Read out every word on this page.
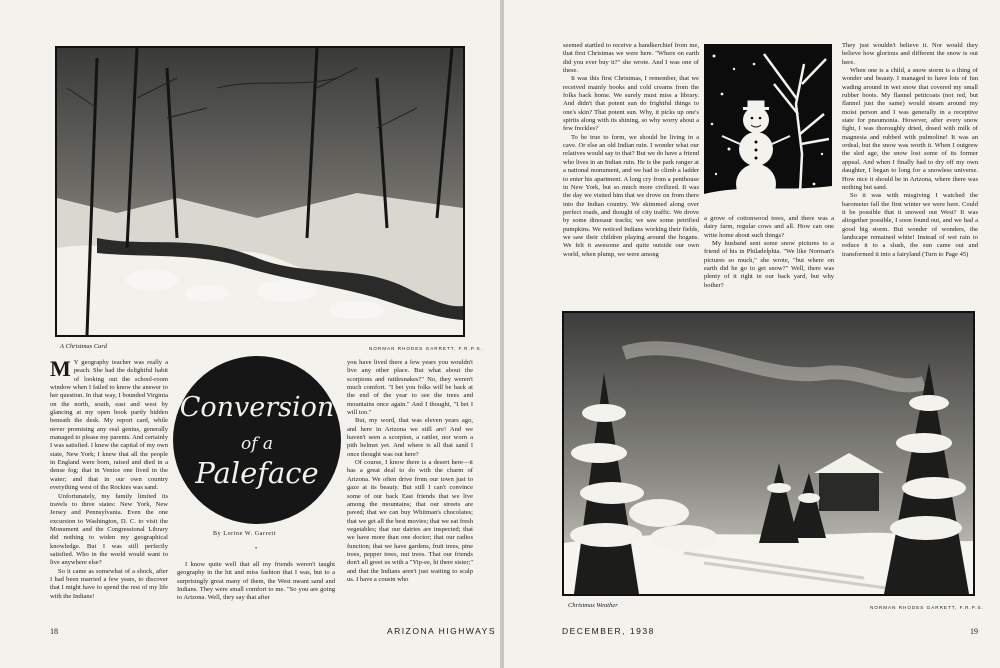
A Christmas Card	NORMAN RHODES GARRETT, F.R.P.S.
M Y geography teacher was really a peach. She had the delightful habit of looking out the school-room window when I failed to know the answer to her question. In that way, I bounded Virginia on the north, south, east and west by glancing at my open book partly hidden beneath the desk. My report card, while never promising any real genius, generally managed to please my parents. And certainly I was satisfied. I knew the capital of my own state, New York; I knew that all the people in England were born, raised and died in a dense fog; that in Venice one lived in the water; and that in our own country everything west of the Rockies was sand.

Unfortunately, my family limited its travels to three states: New York, New Jersey and Pennsylvania. Even the one excursion to Washington, D. C. to visit the Monument and the Congressional Library did nothing to widen my geographical knowledge. But I was still perfectly satisfied. Who in the world would want to live anywhere else?

So it came as somewhat of a shock, after I had been married a few years, to discover that I might have to spend the rest of my life with the Indians!

Conversion
of a
Paleface
By Lorine W. Garrett
•

I know quite well that all my friends weren't taught geography in the hit and miss fashion that I was, but to a surprisingly great many of them, the West meant sand and Indians. They were small comfort to me. "So you are going to Arizona. Well, they say that after

you have lived there a few years you wouldn't live any other place. But what about the scorpions and rattlesnakes?" No, they weren't much comfort. "I bet you folks will be back at the end of the year to see the trees and mountains once again." And I thought, "I bet I will too."

But, my word, that was eleven years ago, and here in Arizona we still are! And we haven't seen a scorpion, a rattler, nor worn a pith helmet yet. And where is all that sand I once thought was out here?

Of course, I know there is a desert here—it has a great deal to do with the charm of Arizona. We often drive from our town just to gaze at its beauty. But still I can't convince some of our back East friends that we live among the mountains; that our streets are paved; that we can buy Whitman's chocolates; that we get all the best movies; that we eat fresh vegetables; that our dairies are inspected; that we have more than one doctor; that our radios function; that we have gardens, fruit trees, pine trees, pepper trees, nut trees. That our friends don't all greet us with a "Yip-ee, hi there sister;" and that the Indians aren't just waiting to scalp us. I have a cousin who

18	ARIZONA HIGHWAYS

seemed startled to receive a handkerchief from me, that first Christmas we were here. "Where on earth did you ever buy it?" she wrote. And I was one of these.

It was this first Christmas, I remember, that we received mainly books and cold creams from the folks back home. We surely must miss a library. And didn't that potent sun do frightful things to one's skin? That potent sun. Why, it picks up one's spirits along with its shining, so why worry about a few freckles?

To be true to form, we should be living in a cave. Or else an old Indian ruin. I wonder what our relatives would say to that? But we do have a friend who lives in an Indian ruin. He is the park ranger at a national monument, and we had to climb a ladder to enter his apartment. A long cry from a penthouse in New York, but so much more civilized. It was the day we visited him that we drove on from there into the Indian country. We skimmed along over perfect roads, and thought of city traffic. We drove by some dinosaur tracks; we saw some petrified pumpkins. We noticed Indians working their fields, we saw their children playing around the hogans. We felt it awesome and quite outside our own world, when plump, we were among

a grove of cottonwood trees, and there was a dairy farm, regular cows and all. How can one write home about such things?

My husband sent some snow pictures to a friend of his in Philadelphia. "We like Norman's pictures so much," she wrote, "but where on earth did he go to get snow?" Well, there was plenty of it right in our back yard, but why bother?

They just wouldn't believe it. Nor would they believe how glorious and different the snow is out here.

When one is a child, a snow storm is a thing of wonder and beauty. I managed to have lots of fun wading around in wet snow that covered my small rubber boots. My flannel petticoats (not red, but flannel just the same) would steam around my moist person and I was generally in a receptive state for pneumonia. However, after every snow fight, I was thoroughly dried, dosed with milk of magnesia and rubbed with pulmoline! It was an ordeal, but the snow was worth it. When I outgrew the sled age, the snow lost some of its former appeal. And when I finally had to dry off my own daughter, I began to long for a snowless universe. How nice it should be in Arizona, where there was nothing but sand.

So it was with misgiving I watched the barometer fall the first winter we were here. Could it be possible that it snowed out West? It was altogether possible, I soon found out, and we had a good big storm. But wonder of wonders, the landscape remained white! Instead of wet rain to reduce it to a slush, the sun came out and transformed it into a fairyland (Turn to Page 45)

Christmas Weather	NORMAN RHODES GARRETT, F.R.P.S.
DECEMBER, 1938	19
